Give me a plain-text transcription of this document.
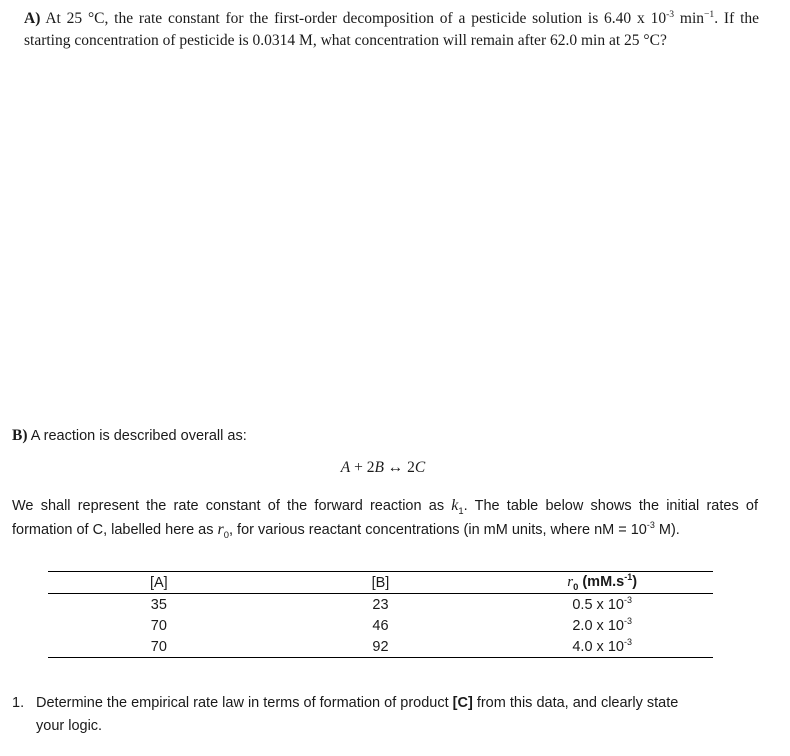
A) At 25 °C, the rate constant for the first-order decomposition of a pesticide solution is 6.40 x $10^{-3}$ $\min^{-1}$. If the starting concentration of pesticide is 0.0314 M, what concentration will remain after 62.0 min at 25 °C?
B) A reaction is described overall as:
A + 2B ↔ 2C
We shall represent the rate constant of the forward reaction as $k_1$. The table below shows the initial rates of formation of C, labelled here as $r_0$, for various reactant concentrations (in mM units, where nM = $10^{-3}$ M).
[A]	[B]	$r_0$ $(mM.s^{-1})$
35	23	0.5 x $10^{-3}$
70	46	2.0 x $10^{-3}$
70	92	4.0 x $10^{-3}$
1. Determine the empirical rate law in terms of formation of product [C] from this data, and clearly state
your logic.
